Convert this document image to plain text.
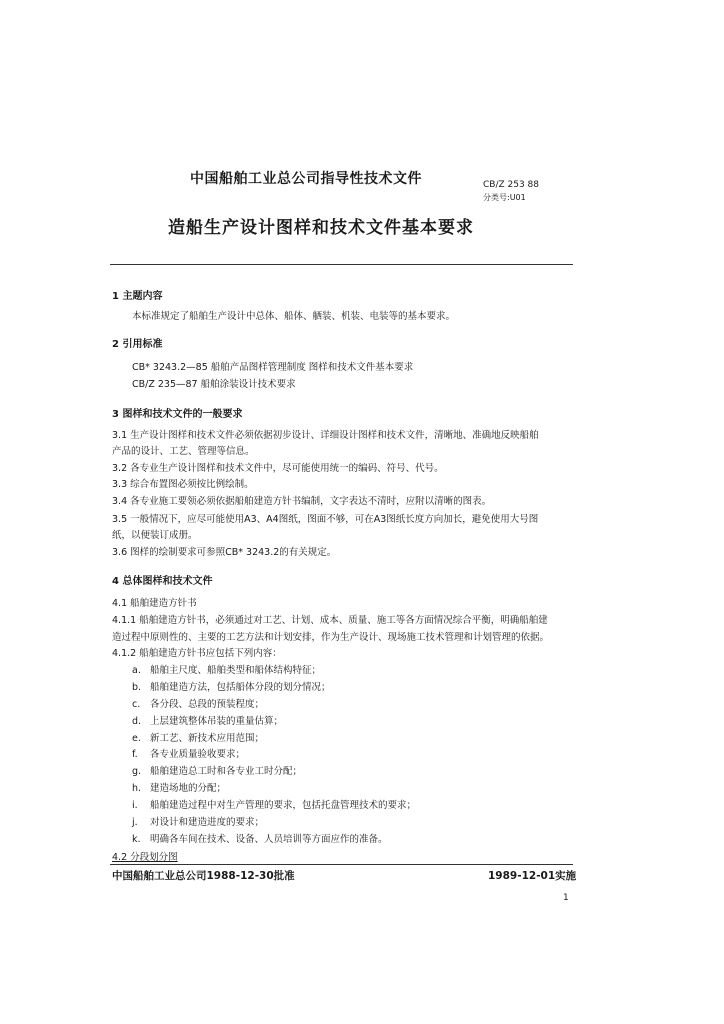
中国船舶工业总公司指导性技术文件	CB/Z 253 88
分类号:U01
造船生产设计图样和技术文件基本要求
1 主题内容
本标准规定了船舶生产设计中总体、船体、舾装、机装、电装等的基本要求。
2 引用标准
CB* 3243.2—85 船舶产品图样管理制度 图样和技术文件基本要求
CB/Z 235—87 船舶涂装设计技术要求
3 图样和技术文件的一般要求
3.1 生产设计图样和技术文件必须依据初步设计、详细设计图样和技术文件，清晰地、准确地反映船舶
产品的设计、工艺、管理等信息。
3.2 各专业生产设计图样和技术文件中，尽可能使用统一的编码、符号、代号。
3.3 综合布置图必须按比例绘制。
3.4 各专业施工要领必须依据船舶建造方针书编制，文字表达不清时，应附以清晰的图表。
3.5 一般情况下，应尽可能使用A3、A4图纸，图面不够，可在A3图纸长度方向加长，避免使用大号图
纸，以便装订成册。
3.6 图样的绘制要求可参照CB* 3243.2的有关规定。
4 总体图样和技术文件
4.1 船舶建造方针书
4.1.1 船舶建造方针书，必须通过对工艺、计划、成本、质量、施工等各方面情况综合平衡，明确船舶建
造过程中原则性的、主要的工艺方法和计划安排，作为生产设计、现场施工技术管理和计划管理的依据。
4.1.2 船舶建造方针书应包括下列内容：
a. 船舶主尺度、船舶类型和船体结构特征；
b. 船舶建造方法，包括船体分段的划分情况；
c. 各分段、总段的预装程度；
d. 上层建筑整体吊装的重量估算；
e. 新工艺、新技术应用范围；
f. 各专业质量验收要求；
g. 船舶建造总工时和各专业工时分配；
h. 建造场地的分配；
i. 船舶建造过程中对生产管理的要求，包括托盘管理技术的要求；
j. 对设计和建造进度的要求；
k. 明确各车间在技术、设备、人员培训等方面应作的准备。
4.2 分段划分图
中国船舶工业总公司1988-12-30批准	1989-12-01实施
1
